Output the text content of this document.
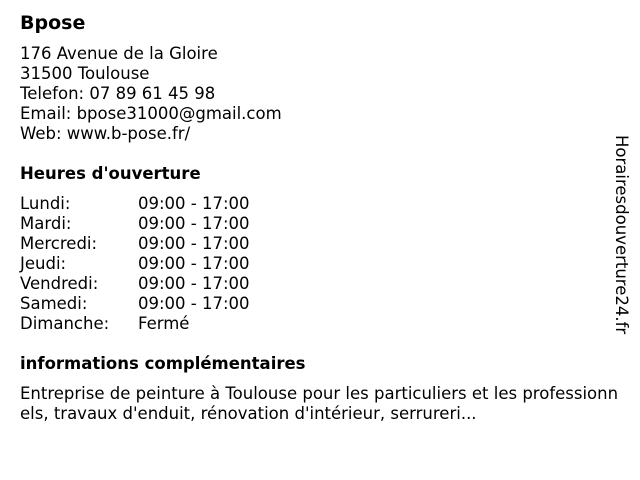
Bpose
176 Avenue de la Gloire
31500 Toulouse
Telefon: 07 89 61 45 98
Email: bpose31000@gmail.com
Web: www.b-pose.fr/
Heures d'ouverture
Lundi:	09:00 - 17:00
Mardi:	09:00 - 17:00
Mercredi: 09:00 - 17:00
Jeudi:	09:00 - 17:00
Vendredi: 09:00 - 17:00
Samedi:	09:00 - 17:00
Dimanche: Fermé
informations complémentaires
Entreprise de peinture à Toulouse pour les particuliers et les professionnels, travaux d'enduit, rénovation d'intérieur, serrureri...
Horairesdouverture24.fr
